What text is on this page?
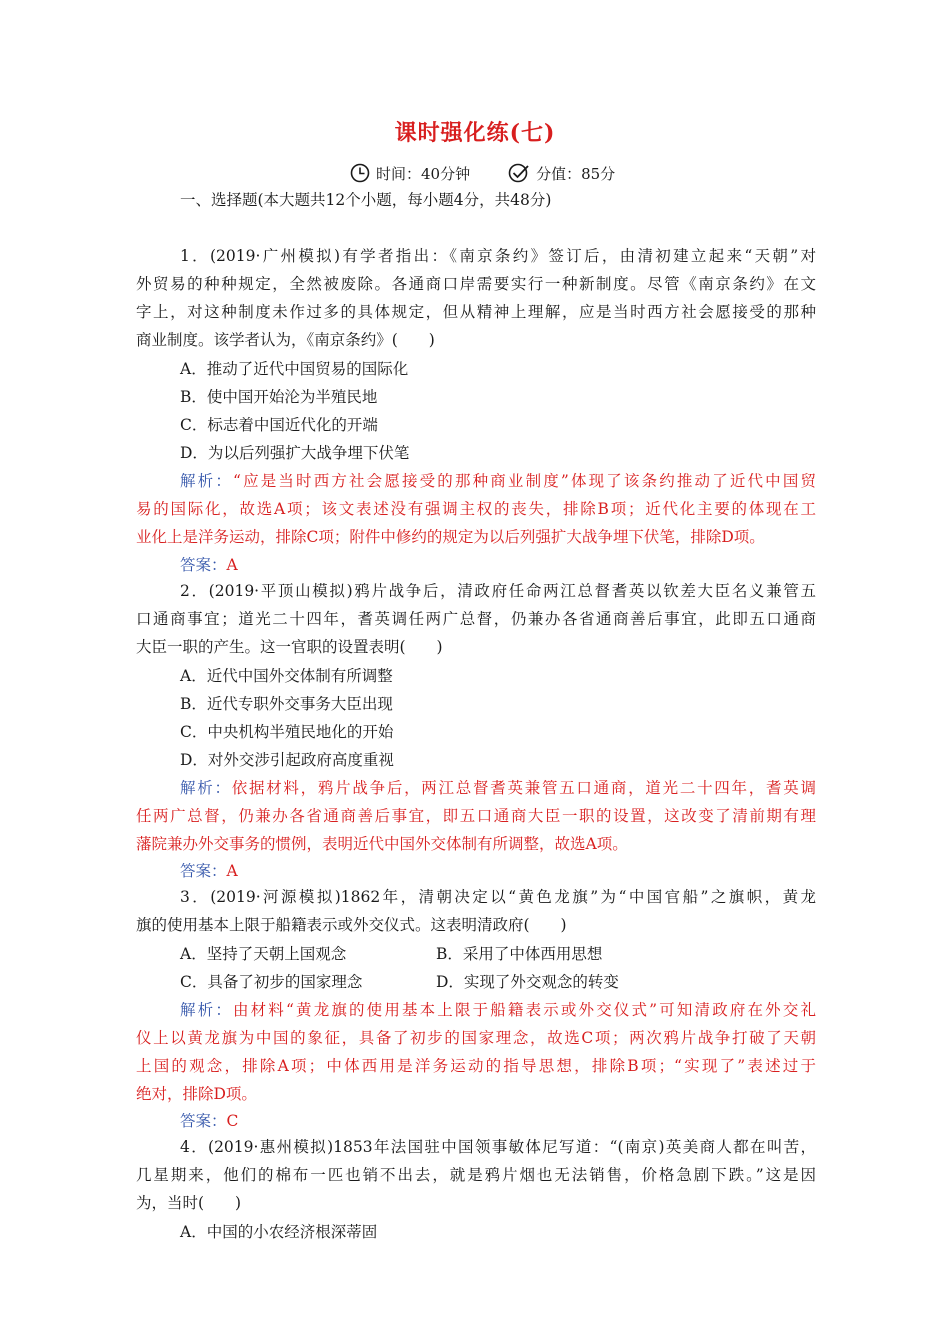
课时强化练(七)
时间：40分钟	分值：85分
一、选择题(本大题共12个小题，每小题4分，共48分)
1．(2019·广州模拟)有学者指出：《南京条约》签订后，由清初建立起来“天朝”对
外贸易的种种规定，全然被废除。各通商口岸需要实行一种新制度。尽管《南京条约》在文
字上，对这种制度未作过多的具体规定，但从精神上理解，应是当时西方社会愿接受的那种
商业制度。该学者认为，《南京条约》(　　)
A．推动了近代中国贸易的国际化
B．使中国开始沦为半殖民地
C．标志着中国近代化的开端
D．为以后列强扩大战争埋下伏笔
解析：“应是当时西方社会愿接受的那种商业制度”体现了该条约推动了近代中国贸
易的国际化，故选A项；该文表述没有强调主权的丧失，排除B项；近代化主要的体现在工
业化上是洋务运动，排除C项；附件中修约的规定为以后列强扩大战争埋下伏笔，排除D项。
答案：A
2．(2019·平顶山模拟)鸦片战争后，清政府任命两江总督耆英以钦差大臣名义兼管五
口通商事宜；道光二十四年，耆英调任两广总督，仍兼办各省通商善后事宜，此即五口通商
大臣一职的产生。这一官职的设置表明(　　)
A．近代中国外交体制有所调整
B．近代专职外交事务大臣出现
C．中央机构半殖民地化的开始
D．对外交涉引起政府高度重视
解析：依据材料，鸦片战争后，两江总督耆英兼管五口通商，道光二十四年，耆英调
任两广总督，仍兼办各省通商善后事宜，即五口通商大臣一职的设置，这改变了清前期有理
藩院兼办外交事务的惯例，表明近代中国外交体制有所调整，故选A项。
答案：A
3．(2019·河源模拟)1862年，清朝决定以“黄色龙旗”为“中国官船”之旗帜，黄龙
旗的使用基本上限于船籍表示或外交仪式。这表明清政府(　　)
A．坚持了天朝上国观念	B．采用了中体西用思想
C．具备了初步的国家理念	D．实现了外交观念的转变
解析：由材料“黄龙旗的使用基本上限于船籍表示或外交仪式”可知清政府在外交礼
仪上以黄龙旗为中国的象征，具备了初步的国家理念，故选C项；两次鸦片战争打破了天朝
上国的观念，排除A项；中体西用是洋务运动的指导思想，排除B项；“实现了”表述过于
绝对，排除D项。
答案：C
4．(2019·惠州模拟)1853年法国驻中国领事敏体尼写道：“(南京)英美商人都在叫苦，
几星期来，他们的棉布一匹也销不出去，就是鸦片烟也无法销售，价格急剧下跌。”这是因
为，当时(　　)
A．中国的小农经济根深蒂固
